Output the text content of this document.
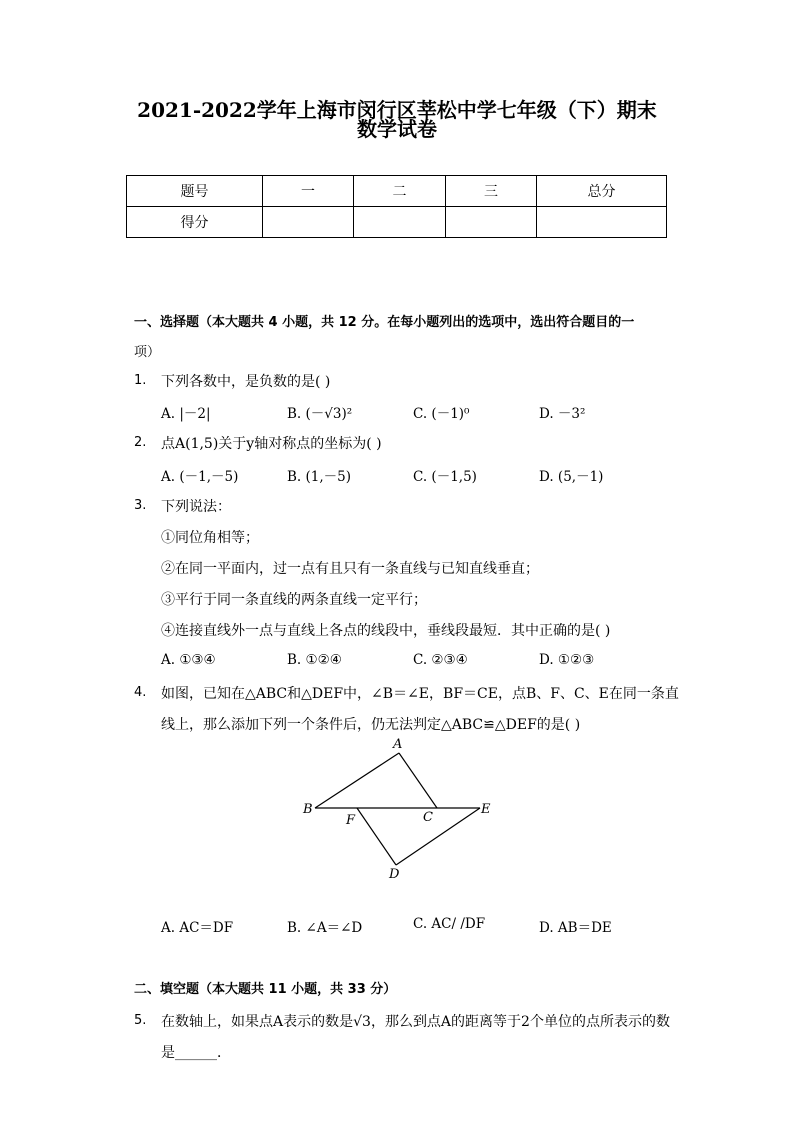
2021-2022学年上海市闵行区莘松中学七年级（下）期末
数学试卷
题号	一	二	三	总分
得分				
一、选择题（本大题共 4 小题，共 12 分。在每小题列出的选项中，选出符合题目的一
项）
1. 下列各数中，是负数的是( )
A. |－2|	B. (－√3)²	C. (－1)⁰	D. －3²
2. 点A(1,5)关于y轴对称点的坐标为( )
A. (－1,－5)	B. (1,－5)	C. (－1,5)	D. (5,－1)
3. 下列说法：
①同位角相等；
②在同一平面内，过一点有且只有一条直线与已知直线垂直；
③平行于同一条直线的两条直线一定平行；
④连接直线外一点与直线上各点的线段中，垂线段最短．其中正确的是( )
A. ①③④	B. ①②④	C. ②③④	D. ①②③
4. 如图，已知在△ABC和△DEF中，∠B＝∠E，BF＝CE，点B、F、C、E在同一条直
线上，那么添加下列一个条件后，仍无法判定△ABC≌△DEF的是( )
A
B
F	C
E
D
A. AC＝DF	B. ∠A＝∠D	C. AC/ /DF	D. AB＝DE
二、填空题（本大题共 11 小题，共 33 分）
5. 在数轴上，如果点A表示的数是√3，那么到点A的距离等于2个单位的点所表示的数
是______．
